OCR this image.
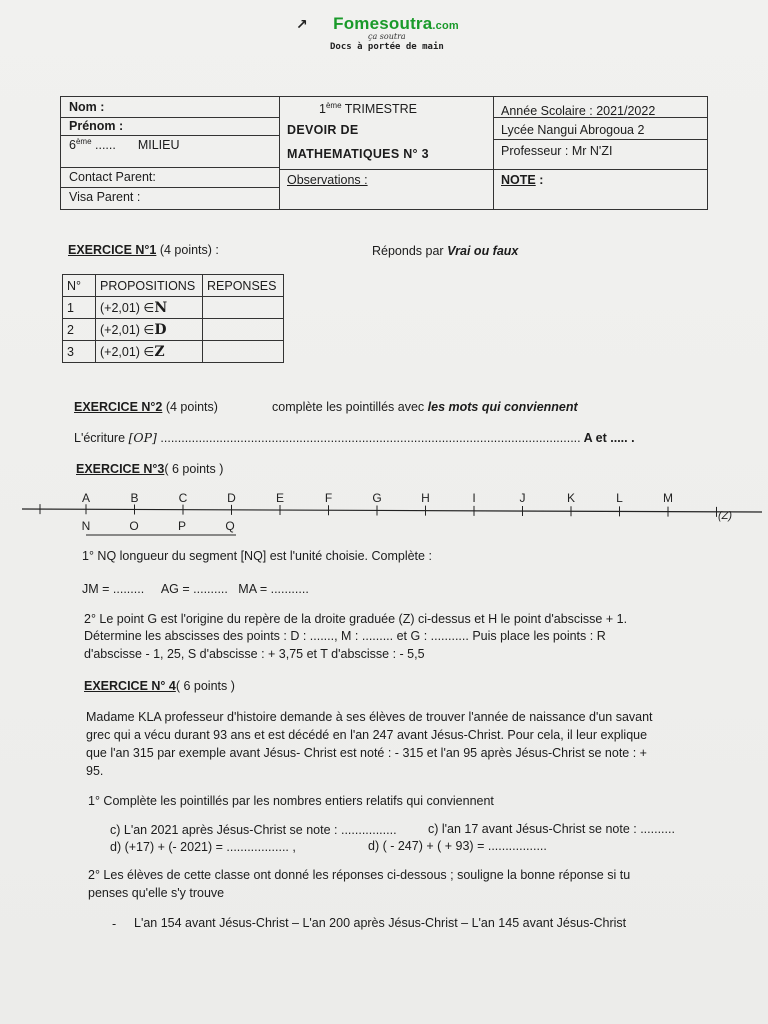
↗ Fomesoutra.com
ça soutra
Docs à portée de main
Nom :
Prénom :
6ème ...... MILIEU
Contact Parent:
Visa Parent :
1ème TRIMESTRE
DEVOIR DE
MATHEMATIQUES N° 3
Observations :
Année Scolaire : 2021/2022
Lycée Nangui Abrogoua 2
Professeur : Mr N'ZI
NOTE :
EXERCICE N°1 (4 points) :	Réponds par Vrai ou faux
N°	PROPOSITIONS	REPONSES
1	(+2,01) ∈N	
2	(+2,01) ∈D	
3	(+2,01) ∈Z	
EXERCICE N°2 (4 points)	complète les pointillés avec les mots qui conviennent
L'écriture [OP] ......................................................................................................................... A et ..... .
EXERCICE N°3( 6 points )
A	B	C	D	E	F	G	H	I	J	K	L	M
N	O	P	Q
(Z)
1° NQ longueur du segment [NQ] est l'unité choisie. Complète :
JM = .........     AG = ..........   MA = ...........
2° Le point G est l'origine du repère de la droite graduée (Z) ci-dessus et H le point d'abscisse + 1.
Détermine les abscisses des points : D : ......., M : ......... et G : ........... Puis place les points : R
d'abscisse - 1, 25, S d'abscisse : + 3,75 et T d'abscisse : - 5,5
EXERCICE N° 4( 6 points )
Madame KLA professeur d'histoire demande à ses élèves de trouver l'année de naissance d'un savant
grec qui a vécu durant 93 ans et est décédé en l'an 247 avant Jésus-Christ. Pour cela, il leur explique
que l'an 315 par exemple avant Jésus- Christ est noté : - 315 et l'an 95 après Jésus-Christ se note : +
95.
1° Complète les pointillés par les nombres entiers relatifs qui conviennent
c) L'an 2021 après Jésus-Christ se note : ................	c) l'an 17 avant Jésus-Christ se note : ..........
d) (+17) + (- 2021) = .................. ,	d) ( - 247) + ( + 93) = .................
2° Les élèves de cette classe ont donné les réponses ci-dessous ; souligne la bonne réponse si tu
penses qu'elle s'y trouve
- L'an 154 avant Jésus-Christ – L'an 200 après Jésus-Christ – L'an 145 avant Jésus-Christ
